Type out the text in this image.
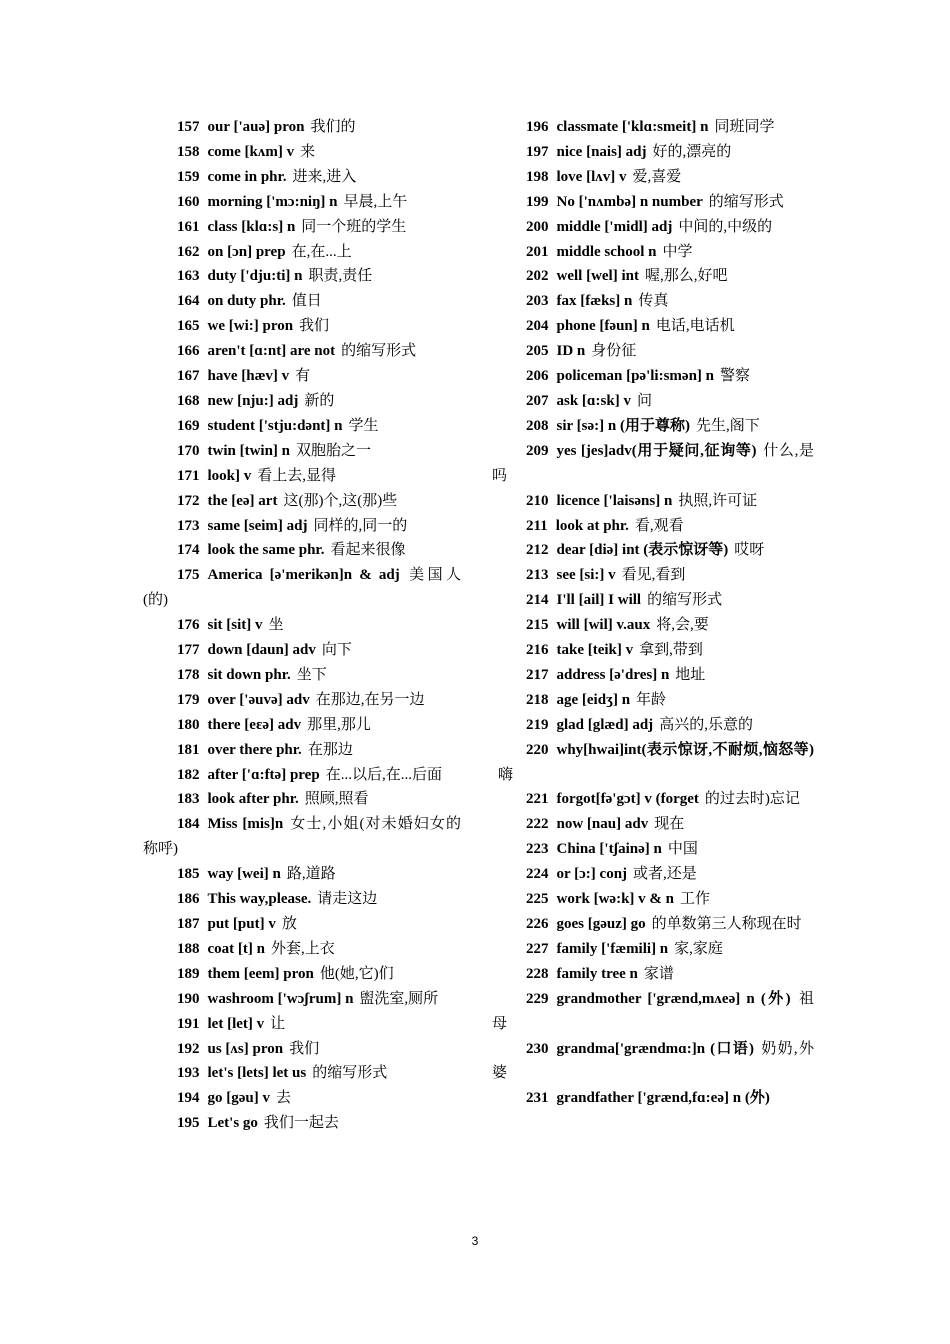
157 our ['auə] pron 我们的
158 come [kʌm] v 来
159 come in phr. 进来,进入
160 morning ['mɔ:niŋ] n 早晨,上午
161 class [klɑ:s] n 同一个班的学生
162 on [ɔn] prep 在,在...上
163 duty ['dju:ti] n 职责,责任
164 on duty phr. 值日
165 we [wi:] pron 我们
166 aren't [ɑ:nt] are not 的缩写形式
167 have [hæv] v 有
168 new [nju:] adj 新的
169 student ['stju:dənt] n 学生
170 twin [twin] n 双胞胎之一
171 look] v 看上去,显得
172 the [eə] art 这(那)个,这(那)些
173 same [seim] adj 同样的,同一的
174 look the same phr. 看起来很像
175 America [ə'merikən]n & adj 美国人(的)
176 sit [sit] v 坐
177 down [daun] adv 向下
178 sit down phr. 坐下
179 over ['əuvə] adv 在那边,在另一边
180 there [eɛə] adv 那里,那儿
181 over there phr. 在那边
182 after ['ɑ:ftə] prep 在...以后,在...后面
183 look after phr. 照顾,照看
184 Miss [mis]n 女士,小姐(对未婚妇女的称呼)
185 way [wei] n 路,道路
186 This way,please. 请走这边
187 put [put] v 放
188 coat [t] n 外套,上衣
189 them [eem] pron 他(她,它)们
190 washroom ['wɔʃrum] n 盥洗室,厕所
191 let [let] v 让
192 us [ʌs] pron 我们
193 let's [lets] let us 的缩写形式
194 go [gəu] v 去
195 Let's go 我们一起去
196 classmate ['klɑ:smeit] n 同班同学
197 nice [nais] adj 好的,漂亮的
198 love [lʌv] v 爱,喜爱
199 No ['nʌmbə] n number 的缩写形式
200 middle ['midl] adj 中间的,中级的
201 middle school n 中学
202 well [wel] int 喔,那么,好吧
203 fax [fæks] n 传真
204 phone [fəun] n 电话,电话机
205 ID n 身份征
206 policeman [pə'li:smən] n 警察
207 ask [ɑ:sk] v 问
208 sir [sə:] n (用于尊称) 先生,阁下
209 yes [jes]adv(用于疑问,征询等) 什么,是吗
210 licence ['laisəns] n 执照,许可证
211 look at phr. 看,观看
212 dear [diə] int (表示惊讶等) 哎呀
213 see [si:] v 看见,看到
214 I'll [ail] I will 的缩写形式
215 will [wil] v.aux 将,会,要
216 take [teik] v 拿到,带到
217 address [ə'dres] n 地址
218 age [eidʒ] n 年龄
219 glad [glæd] adj 高兴的,乐意的
220 why[hwai]int(表示惊讶,不耐烦,恼怒等)嗨
221 forgot[fə'gɔt] v (forget 的过去时)忘记
222 now [nau] adv 现在
223 China ['tʃainə] n 中国
224 or [ɔ:] conj 或者,还是
225 work [wə:k] v & n 工作
226 goes [gəuz] go 的单数第三人称现在时
227 family ['fæmili] n 家,家庭
228 family tree n 家谱
229 grandmother ['grænd,mʌeə] n (外) 祖母
230 grandma['grændmɑ:]n (口语) 奶奶,外婆
231 grandfather ['grænd,fɑ:eə] n (外)
3
